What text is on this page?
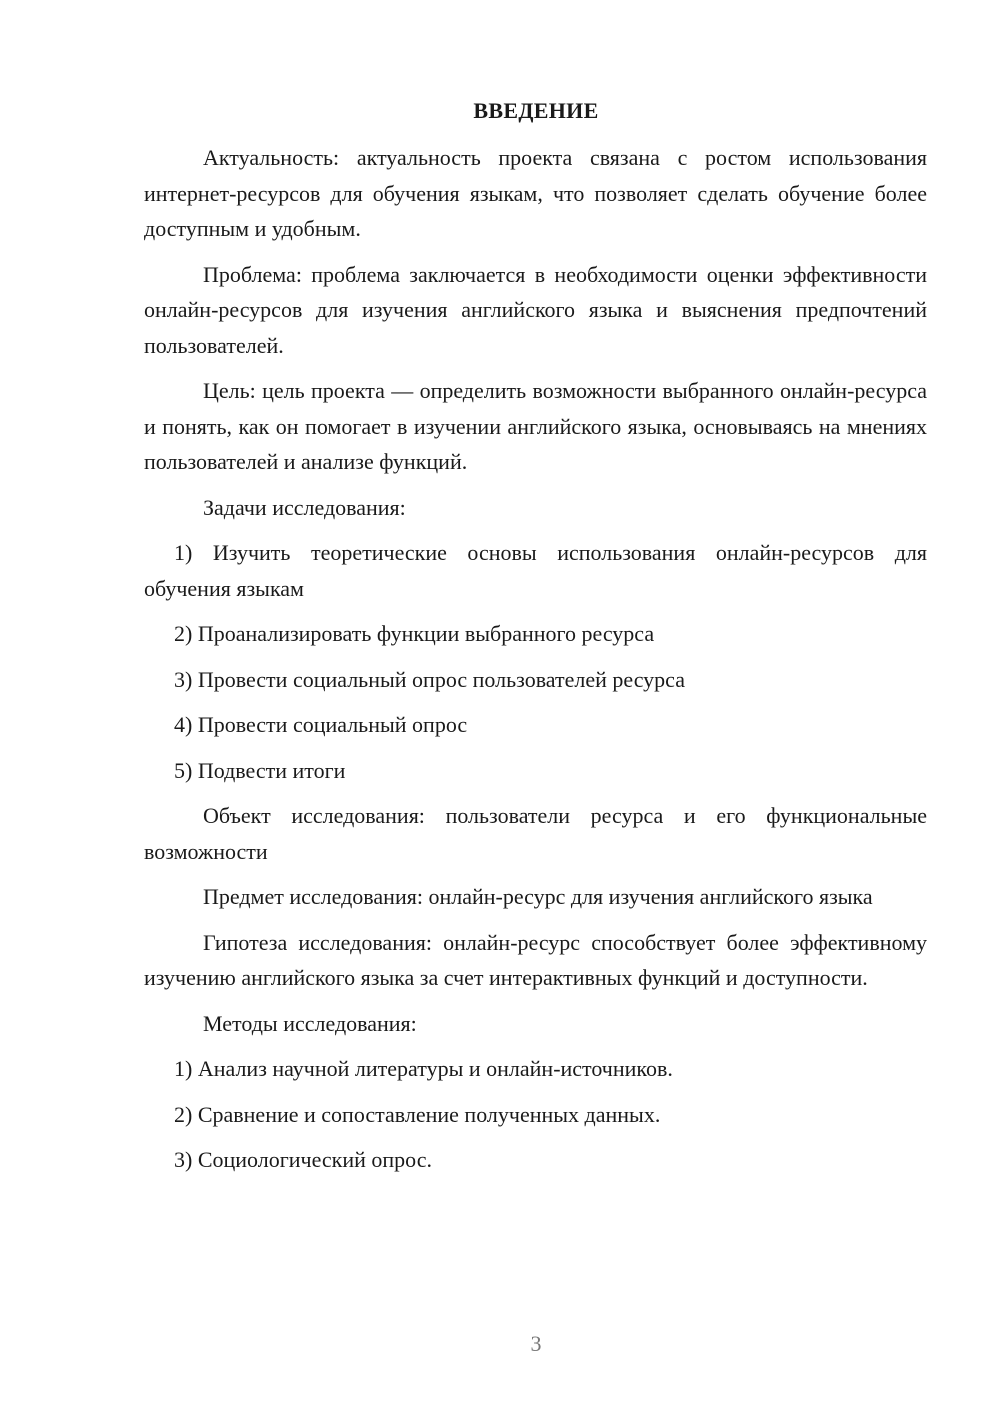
ВВЕДЕНИЕ

Актуальность: актуальность проекта связана с ростом использования интернет-ресурсов для обучения языкам, что позволяет сделать обучение более доступным и удобным.

Проблема: проблема заключается в необходимости оценки эффективности онлайн-ресурсов для изучения английского языка и выяснения предпочтений пользователей.

Цель: цель проекта — определить возможности выбранного онлайн-ресурса и понять, как он помогает в изучении английского языка, основываясь на мнениях пользователей и анализе функций.

Задачи исследования:

1) Изучить теоретические основы использования онлайн-ресурсов для обучения языкам

2) Проанализировать функции выбранного ресурса

3) Провести социальный опрос пользователей ресурса

4) Провести социальный опрос

5) Подвести итоги

Объект исследования: пользователи ресурса и его функциональные возможности

Предмет исследования: онлайн-ресурс для изучения английского языка

Гипотеза исследования: онлайн-ресурс способствует более эффективному изучению английского языка за счет интерактивных функций и доступности.

Методы исследования:

1) Анализ научной литературы и онлайн-источников.

2) Сравнение и сопоставление полученных данных.

3) Социологический опрос.

3
